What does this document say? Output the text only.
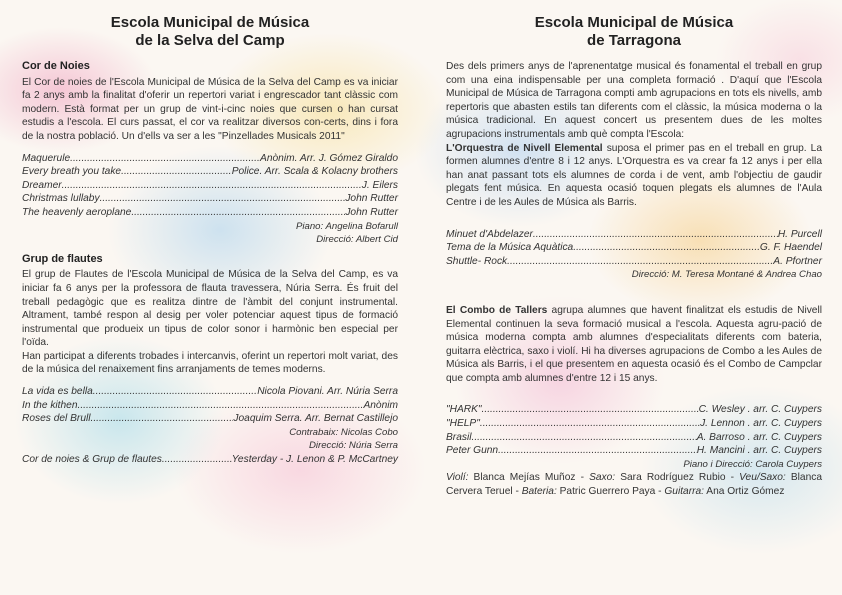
Escola Municipal de Música
de la Selva del Camp
Cor de Noies

El Cor de noies de l'Escola Municipal de Música de la Selva del Camp es va iniciar fa 2 anys amb la finalitat d'oferir un repertori variat i engrescador tant clàssic com modern. Està format per un grup de vint-i-cinc noies que cursen o han cursat estudis a l'escola. El curs passat, el cor va realitzar diversos con-certs, dins i fora de la nostra població. Un d'ells va ser a les "Pinzellades Musicals 2011"

Maquerule .....	Anònim. Arr. J. Gómez Giraldo
Every breath you take .....	Police. Arr. Scala & Kolacny brothers
Dreamer .....	J. Eilers
Christmas lullaby .....	John Rutter
The heavenly aeroplane .....	John Rutter
Piano: Angelina Bofarull
Direcció: Albert Cid
Grup de flautes

El grup de Flautes de l'Escola Municipal de Música de la Selva del Camp, es va iniciar fa 6 anys per la professora de flauta travessera, Núria Serra. És fruit del treball pedagògic que es realitza dintre de l'àmbit del conjunt instrumental. Altrament, també respon al desig per voler potenciar aquest tipus de formació instrumental que produeix un tipus de color sonor i harmònic ben especial per l'oïda.

Han participat a diferents trobades i intercanvis, oferint un repertori molt variat, des de la música del renaixement fins arranjaments de temes moderns.

La vida es bella .....	Nicola Piovani. Arr. Núria Serra
In the kithen .....	Anònim
Roses del Brull .....	Joaquim Serra. Arr. Bernat Castillejo
Contrabaix: Nicolas Cobo
Direcció: Núria Serra
Cor de noies & Grup de flautes .....	Yesterday - J. Lenon & P. McCartney
Escola Municipal de Música
de Tarragona

Des dels primers anys de l'aprenentatge musical és fonamental el treball en grup com una eina indispensable per una completa formació . D'aquí que l'Escola Municipal de Música de Tarragona compti amb agrupacions en tots els nivells, amb repertoris que abasten estils tan diferents com el clàssic, la música moderna o la música tradicional. En aquest concert us presentem dues de les moltes agrupacions instrumentals amb què compta l'Escola:

L'Orquestra de Nivell Elemental suposa el primer pas en el treball en grup. La formen alumnes d'entre 8 i 12 anys. L'Orquestra es va crear fa 12 anys i per ella han anat passant tots els alumnes de corda i de vent, amb l'objectiu de gaudir plegats fent música. En aquesta ocasió toquen plegats els alumnes de l'Aula Centre i de les Aules de Música als Barris.

Minuet d'Abdelazer .....	H. Purcell
Tema de la Música Aquàtica .....	G. F. Haendel
Shuttle- Rock .....	A. Pfortner
Direcció: M. Teresa Montané & Andrea Chao

El Combo de Tallers agrupa alumnes que havent finalitzat els estudis de Nivell Elemental continuen la seva formació musical a l'escola. Aquesta agru-pació de música moderna compta amb alumnes d'especialitats diferents com bateria, guitarra elèctrica, saxo i violí. Hi ha diverses agrupacions de Combo a les Aules de Música als Barris, i el que presentem en aquesta ocasió és el Combo de Campclar que compta amb alumnes d'entre 12 i 15 anys.

"HARK" .....	C. Wesley . arr. C. Cuypers
"HELP" .....	J. Lennon . arr. C. Cuypers
Brasil .....	A. Barroso . arr. C. Cuypers
Peter Gunn .....	H. Mancini . arr. C. Cuypers
Piano i Direcció: Carola Cuypers

Violí: Blanca Mejías Muñoz - Saxo: Sara Rodríguez Rubio - Veu/Saxo: Blanca Cervera Teruel - Bateria: Patric Guerrero Paya - Guitarra: Ana Ortiz Gómez
